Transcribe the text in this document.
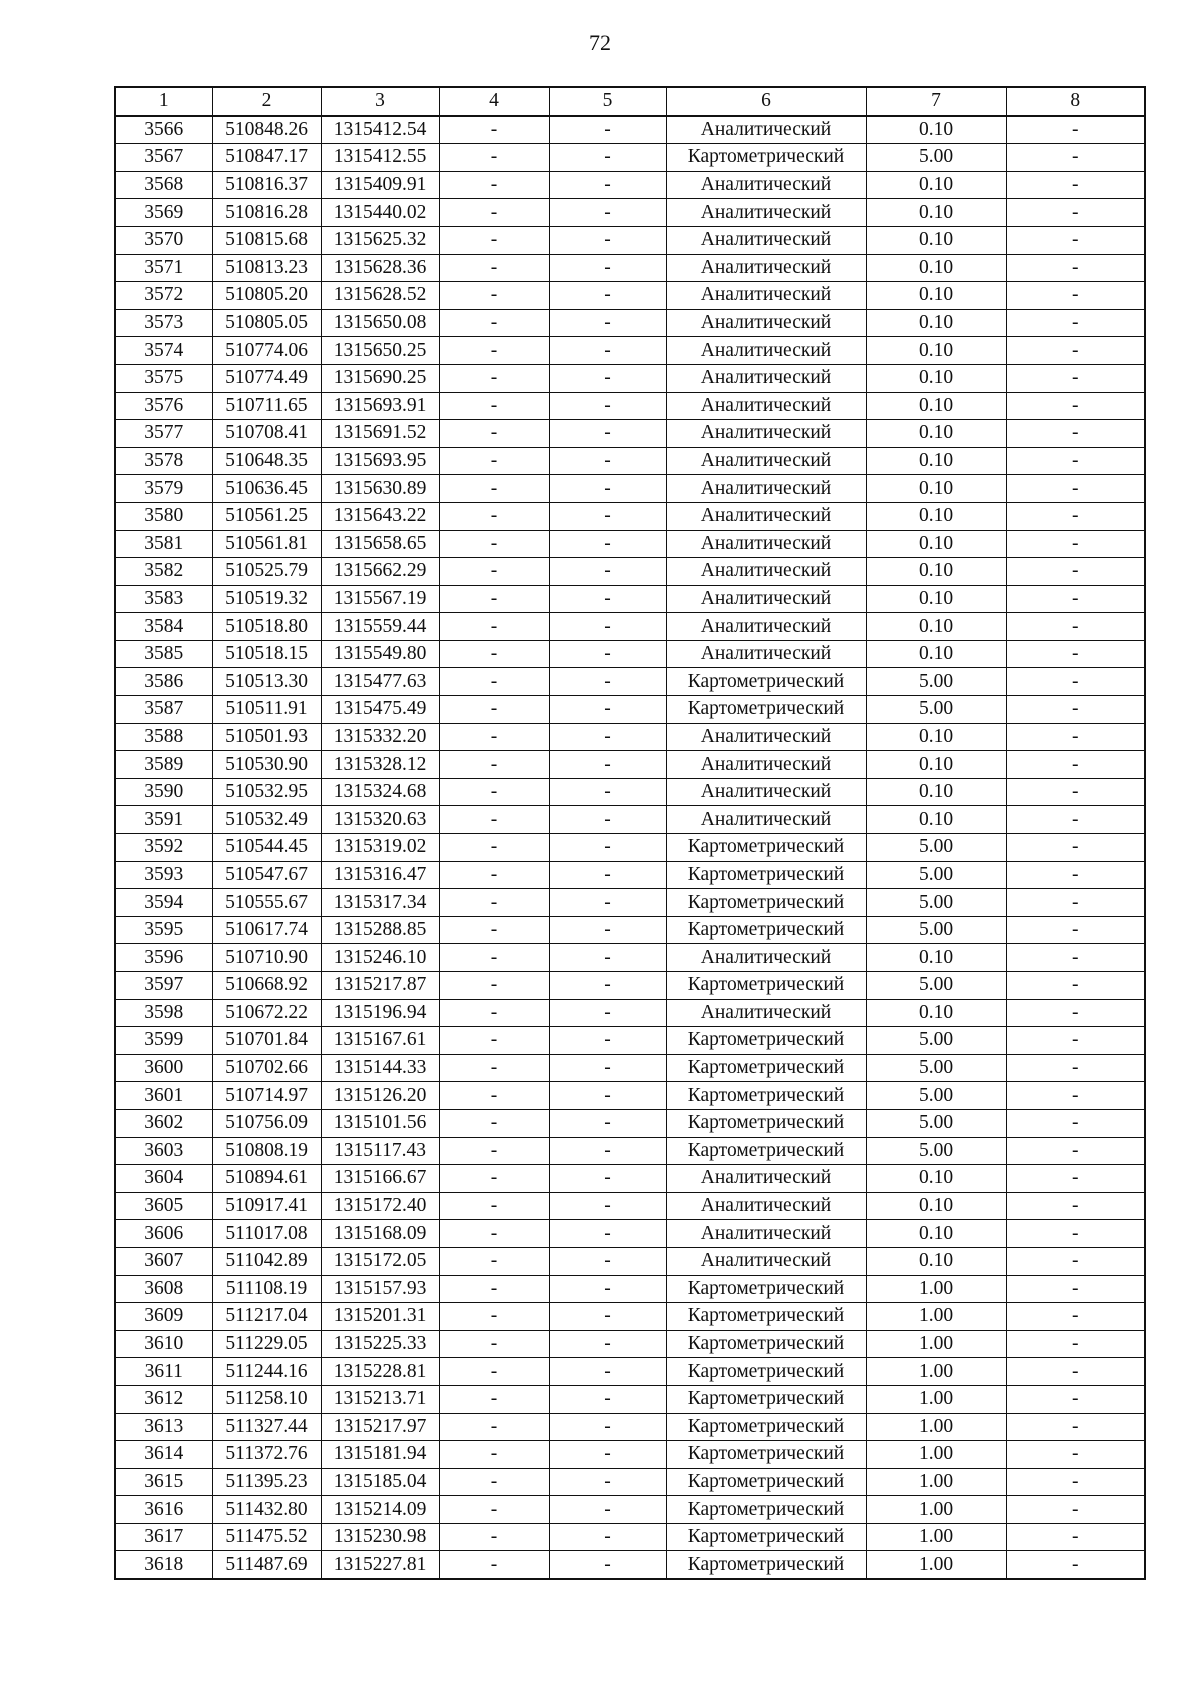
72
1	2	3	4	5	6	7	8
3566	510848.26	1315412.54	-	-	Аналитический	0.10	-
3567	510847.17	1315412.55	-	-	Картометрический	5.00	-
3568	510816.37	1315409.91	-	-	Аналитический	0.10	-
3569	510816.28	1315440.02	-	-	Аналитический	0.10	-
3570	510815.68	1315625.32	-	-	Аналитический	0.10	-
3571	510813.23	1315628.36	-	-	Аналитический	0.10	-
3572	510805.20	1315628.52	-	-	Аналитический	0.10	-
3573	510805.05	1315650.08	-	-	Аналитический	0.10	-
3574	510774.06	1315650.25	-	-	Аналитический	0.10	-
3575	510774.49	1315690.25	-	-	Аналитический	0.10	-
3576	510711.65	1315693.91	-	-	Аналитический	0.10	-
3577	510708.41	1315691.52	-	-	Аналитический	0.10	-
3578	510648.35	1315693.95	-	-	Аналитический	0.10	-
3579	510636.45	1315630.89	-	-	Аналитический	0.10	-
3580	510561.25	1315643.22	-	-	Аналитический	0.10	-
3581	510561.81	1315658.65	-	-	Аналитический	0.10	-
3582	510525.79	1315662.29	-	-	Аналитический	0.10	-
3583	510519.32	1315567.19	-	-	Аналитический	0.10	-
3584	510518.80	1315559.44	-	-	Аналитический	0.10	-
3585	510518.15	1315549.80	-	-	Аналитический	0.10	-
3586	510513.30	1315477.63	-	-	Картометрический	5.00	-
3587	510511.91	1315475.49	-	-	Картометрический	5.00	-
3588	510501.93	1315332.20	-	-	Аналитический	0.10	-
3589	510530.90	1315328.12	-	-	Аналитический	0.10	-
3590	510532.95	1315324.68	-	-	Аналитический	0.10	-
3591	510532.49	1315320.63	-	-	Аналитический	0.10	-
3592	510544.45	1315319.02	-	-	Картометрический	5.00	-
3593	510547.67	1315316.47	-	-	Картометрический	5.00	-
3594	510555.67	1315317.34	-	-	Картометрический	5.00	-
3595	510617.74	1315288.85	-	-	Картометрический	5.00	-
3596	510710.90	1315246.10	-	-	Аналитический	0.10	-
3597	510668.92	1315217.87	-	-	Картометрический	5.00	-
3598	510672.22	1315196.94	-	-	Аналитический	0.10	-
3599	510701.84	1315167.61	-	-	Картометрический	5.00	-
3600	510702.66	1315144.33	-	-	Картометрический	5.00	-
3601	510714.97	1315126.20	-	-	Картометрический	5.00	-
3602	510756.09	1315101.56	-	-	Картометрический	5.00	-
3603	510808.19	1315117.43	-	-	Картометрический	5.00	-
3604	510894.61	1315166.67	-	-	Аналитический	0.10	-
3605	510917.41	1315172.40	-	-	Аналитический	0.10	-
3606	511017.08	1315168.09	-	-	Аналитический	0.10	-
3607	511042.89	1315172.05	-	-	Аналитический	0.10	-
3608	511108.19	1315157.93	-	-	Картометрический	1.00	-
3609	511217.04	1315201.31	-	-	Картометрический	1.00	-
3610	511229.05	1315225.33	-	-	Картометрический	1.00	-
3611	511244.16	1315228.81	-	-	Картометрический	1.00	-
3612	511258.10	1315213.71	-	-	Картометрический	1.00	-
3613	511327.44	1315217.97	-	-	Картометрический	1.00	-
3614	511372.76	1315181.94	-	-	Картометрический	1.00	-
3615	511395.23	1315185.04	-	-	Картометрический	1.00	-
3616	511432.80	1315214.09	-	-	Картометрический	1.00	-
3617	511475.52	1315230.98	-	-	Картометрический	1.00	-
3618	511487.69	1315227.81	-	-	Картометрический	1.00	-
